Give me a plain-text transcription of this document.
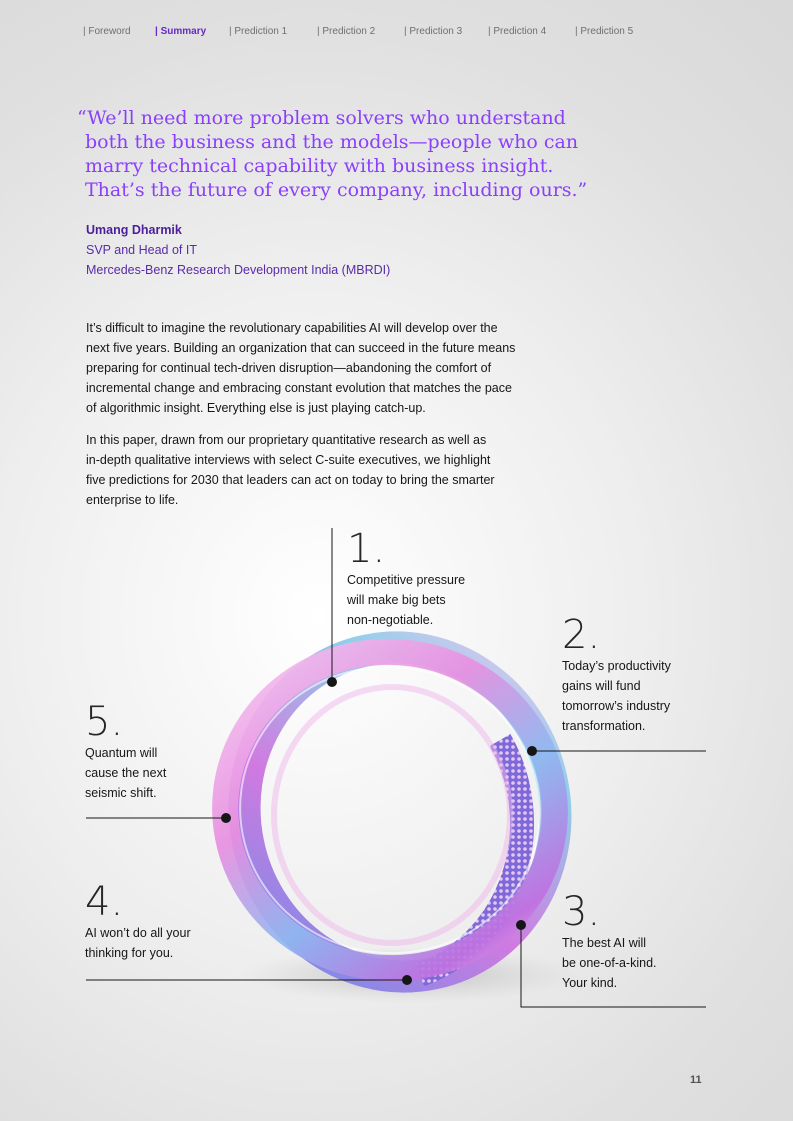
| Foreword | Summary | Prediction 1	| Prediction 2	| Prediction 3	| Prediction 4	| Prediction 5
“We’ll need more problem solvers who understand
both the business and the models—people who can
marry technical capability with business insight.
That’s the future of every company, including ours.”
Umang Dharmik
SVP and Head of IT
Mercedes-Benz Research Development India (MBRDI)

It’s difficult to imagine the revolutionary capabilities AI will develop over the
next five years. Building an organization that can succeed in the future means
preparing for continual tech-driven disruption—abandoning the comfort of
incremental change and embracing constant evolution that matches the pace
of algorithmic insight. Everything else is just playing catch-up.

In this paper, drawn from our proprietary quantitative research as well as
in-depth qualitative interviews with select C-suite executives, we highlight
five predictions for 2030 that leaders can act on today to bring the smarter
enterprise to life.

1.
Competitive pressure
will make big bets
non-negotiable.	2.
Today’s productivity
gains will fund
tomorrow’s industry
transformation.
3.
The best AI will
be one-of-a-kind.
Your kind.
4.
AI won’t do all your
thinking for you.
5.
Quantum will
cause the next
seismic shift.
11
